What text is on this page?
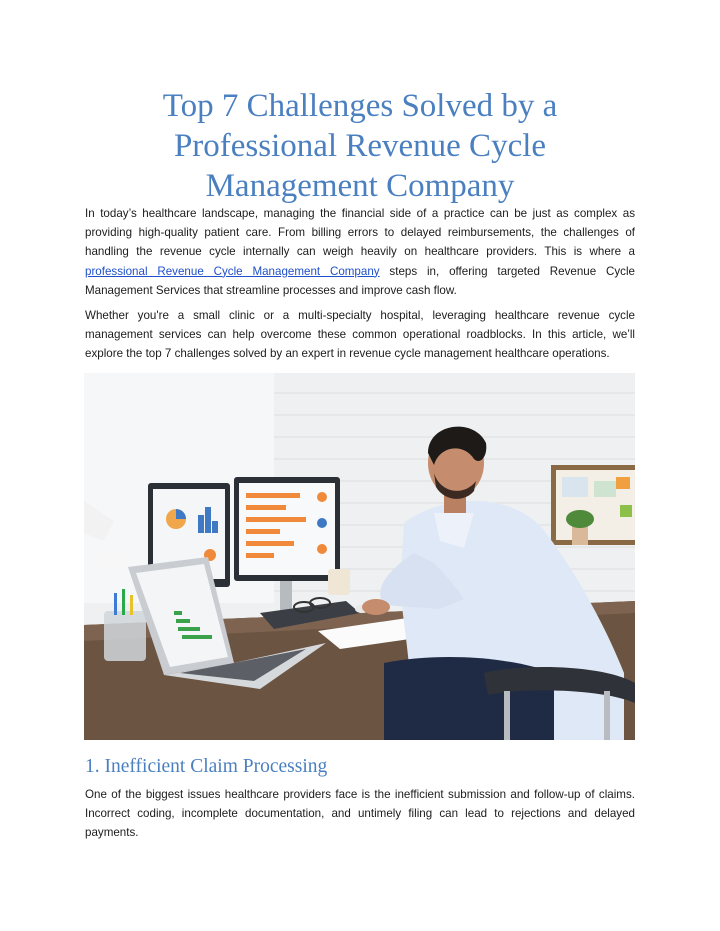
Top 7 Challenges Solved by a Professional Revenue Cycle Management Company

In today’s healthcare landscape, managing the financial side of a practice can be just as complex as providing high-quality patient care. From billing errors to delayed reimbursements, the challenges of handling the revenue cycle internally can weigh heavily on healthcare providers. This is where a professional Revenue Cycle Management Company steps in, offering targeted Revenue Cycle Management Services that streamline processes and improve cash flow.

Whether you're a small clinic or a multi-specialty hospital, leveraging healthcare revenue cycle management services can help overcome these common operational roadblocks. In this article, we’ll explore the top 7 challenges solved by an expert in revenue cycle management healthcare operations.

1. Inefficient Claim Processing

One of the biggest issues healthcare providers face is the inefficient submission and follow-up of claims. Incorrect coding, incomplete documentation, and untimely filing can lead to rejections and delayed payments.
